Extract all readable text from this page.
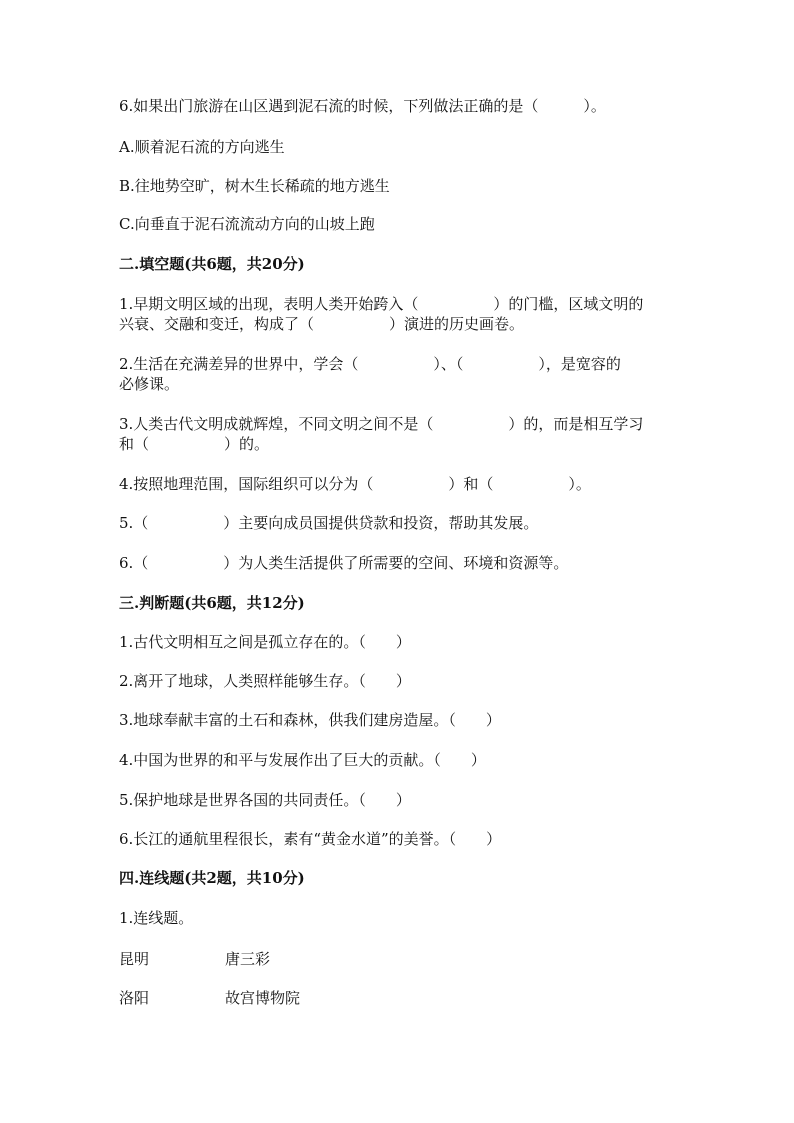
6.如果出门旅游在山区遇到泥石流的时候，下列做法正确的是（　　　）。
A.顺着泥石流的方向逃生
B.往地势空旷，树木生长稀疏的地方逃生
C.向垂直于泥石流流动方向的山坡上跑
二.填空题(共6题，共20分)
1.早期文明区域的出现，表明人类开始跨入（　　　　　）的门槛，区域文明的
兴衰、交融和变迁，构成了（　　　　　）演进的历史画卷。
2.生活在充满差异的世界中，学会（　　　　　）、（　　　　　），是宽容的
必修课。
3.人类古代文明成就辉煌，不同文明之间不是（　　　　　）的，而是相互学习
和（　　　　　）的。
4.按照地理范围，国际组织可以分为（　　　　　）和（　　　　　）。
5.（　　　　　）主要向成员国提供贷款和投资，帮助其发展。
6.（　　　　　）为人类生活提供了所需要的空间、环境和资源等。
三.判断题(共6题，共12分)
1.古代文明相互之间是孤立存在的。（　　）
2.离开了地球，人类照样能够生存。（　　）
3.地球奉献丰富的土石和森林，供我们建房造屋。（　　）
4.中国为世界的和平与发展作出了巨大的贡献。（　　）
5.保护地球是世界各国的共同责任。（　　）
6.长江的通航里程很长，素有“黄金水道”的美誉。（　　）
四.连线题(共2题，共10分)
1.连线题。
昆明	唐三彩
洛阳	故宫博物院
